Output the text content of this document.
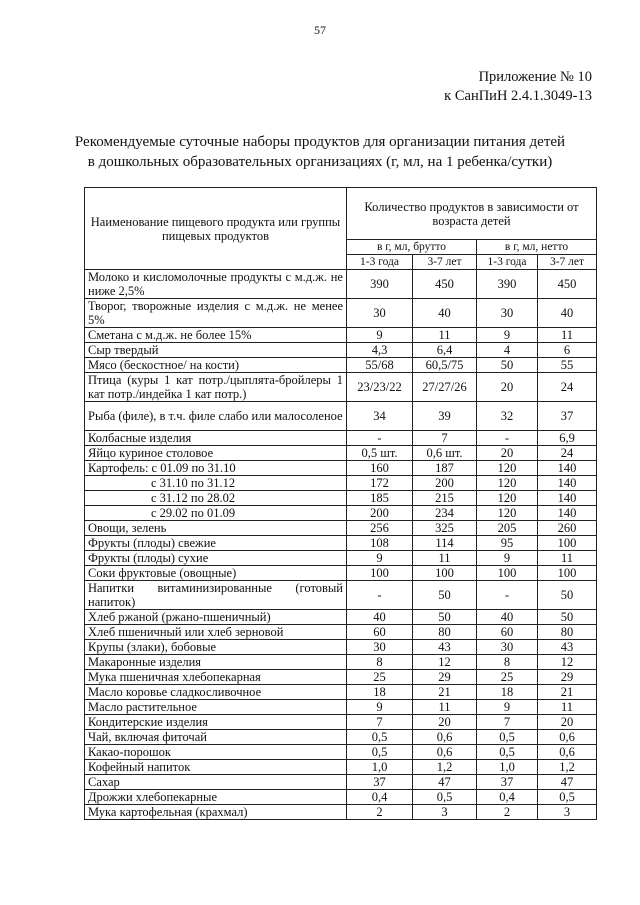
57
Приложение № 10
к СанПиН 2.4.1.3049-13
Рекомендуемые суточные наборы продуктов для организации питания детей
в дошкольных образовательных организациях (г, мл, на 1 ребенка/сутки)
Наименование пищевого продукта или группы пищевых продуктов	Количество продуктов в зависимости от возраста детей			
	в г, мл, брутто		в г, мл, нетто	
	1-3 года	3-7 лет	1-3 года	3-7 лет
Молоко и кисломолочные продукты с м.д.ж. не ниже 2,5%	390	450	390	450
Творог, творожные изделия с м.д.ж. не менее 5%	30	40	30	40
Сметана с м.д.ж. не более 15%	9	11	9	11
Сыр твердый	4,3	6,4	4	6
Мясо (бескостное/ на кости)	55/68	60,5/75	50	55
Птица (куры 1 кат потр./цыплята-бройлеры 1 кат потр./индейка 1 кат потр.)	23/23/22	27/27/26	20	24
Рыба (филе), в т.ч. филе слабо или малосоленое	34	39	32	37
Колбасные изделия	-	7	-	6,9
Яйцо куриное столовое	0,5 шт.	0,6 шт.	20	24
Картофель: с 01.09 по 31.10	160	187	120	140
с 31.10 по 31.12	172	200	120	140
с 31.12 по 28.02	185	215	120	140
с 29.02 по 01.09	200	234	120	140
Овощи, зелень	256	325	205	260
Фрукты (плоды) свежие	108	114	95	100
Фрукты (плоды) сухие	9	11	9	11
Соки фруктовые (овощные)	100	100	100	100
Напитки витаминизированные (готовый напиток)	-	50	-	50
Хлеб ржаной (ржано-пшеничный)	40	50	40	50
Хлеб пшеничный или хлеб зерновой	60	80	60	80
Крупы (злаки), бобовые	30	43	30	43
Макаронные изделия	8	12	8	12
Мука пшеничная хлебопекарная	25	29	25	29
Масло коровье сладкосливочное	18	21	18	21
Масло растительное	9	11	9	11
Кондитерские изделия	7	20	7	20
Чай, включая фиточай	0,5	0,6	0,5	0,6
Какао-порошок	0,5	0,6	0,5	0,6
Кофейный напиток	1,0	1,2	1,0	1,2
Сахар	37	47	37	47
Дрожжи хлебопекарные	0,4	0,5	0,4	0,5
Мука картофельная (крахмал)	2	3	2	3
